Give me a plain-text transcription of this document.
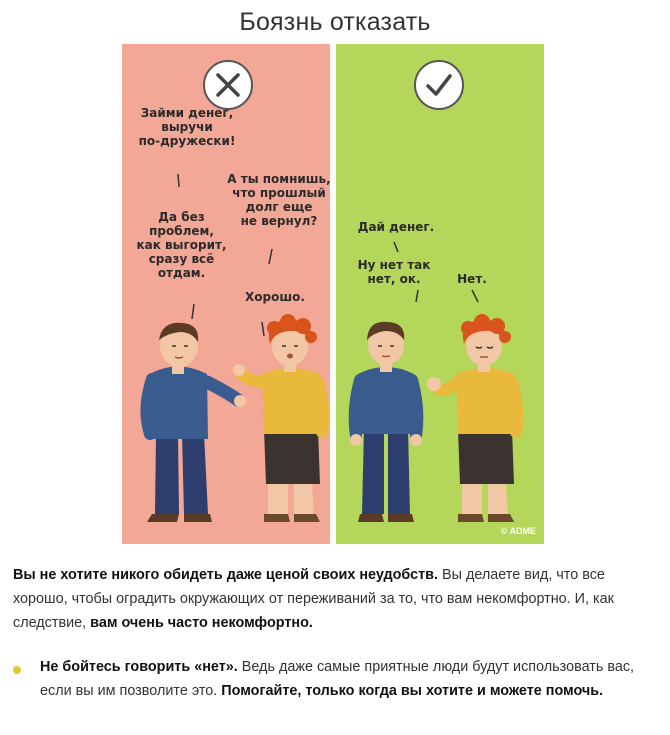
Боязнь отказать
Займи денег,
выручи
по-дружески!
А ты помнишь,
что прошлый
долг еще
не вернул?
Да без
проблем,
как выгорит,
сразу всё
отдам.
Хорошо.
Дай денег.
Ну нет так
нет, ок.	Нет.
© ADME
Вы не хотите никого обидеть даже ценой своих неудобств. Вы делаете вид, что все хорошо, чтобы оградить окружающих от переживаний за то, что вам некомфортно. И, как следствие, вам очень часто некомфортно.
Не бойтесь говорить «нет». Ведь даже самые приятные люди будут использовать вас, если вы им позволите это. Помогайте, только когда вы хотите и можете помочь.
